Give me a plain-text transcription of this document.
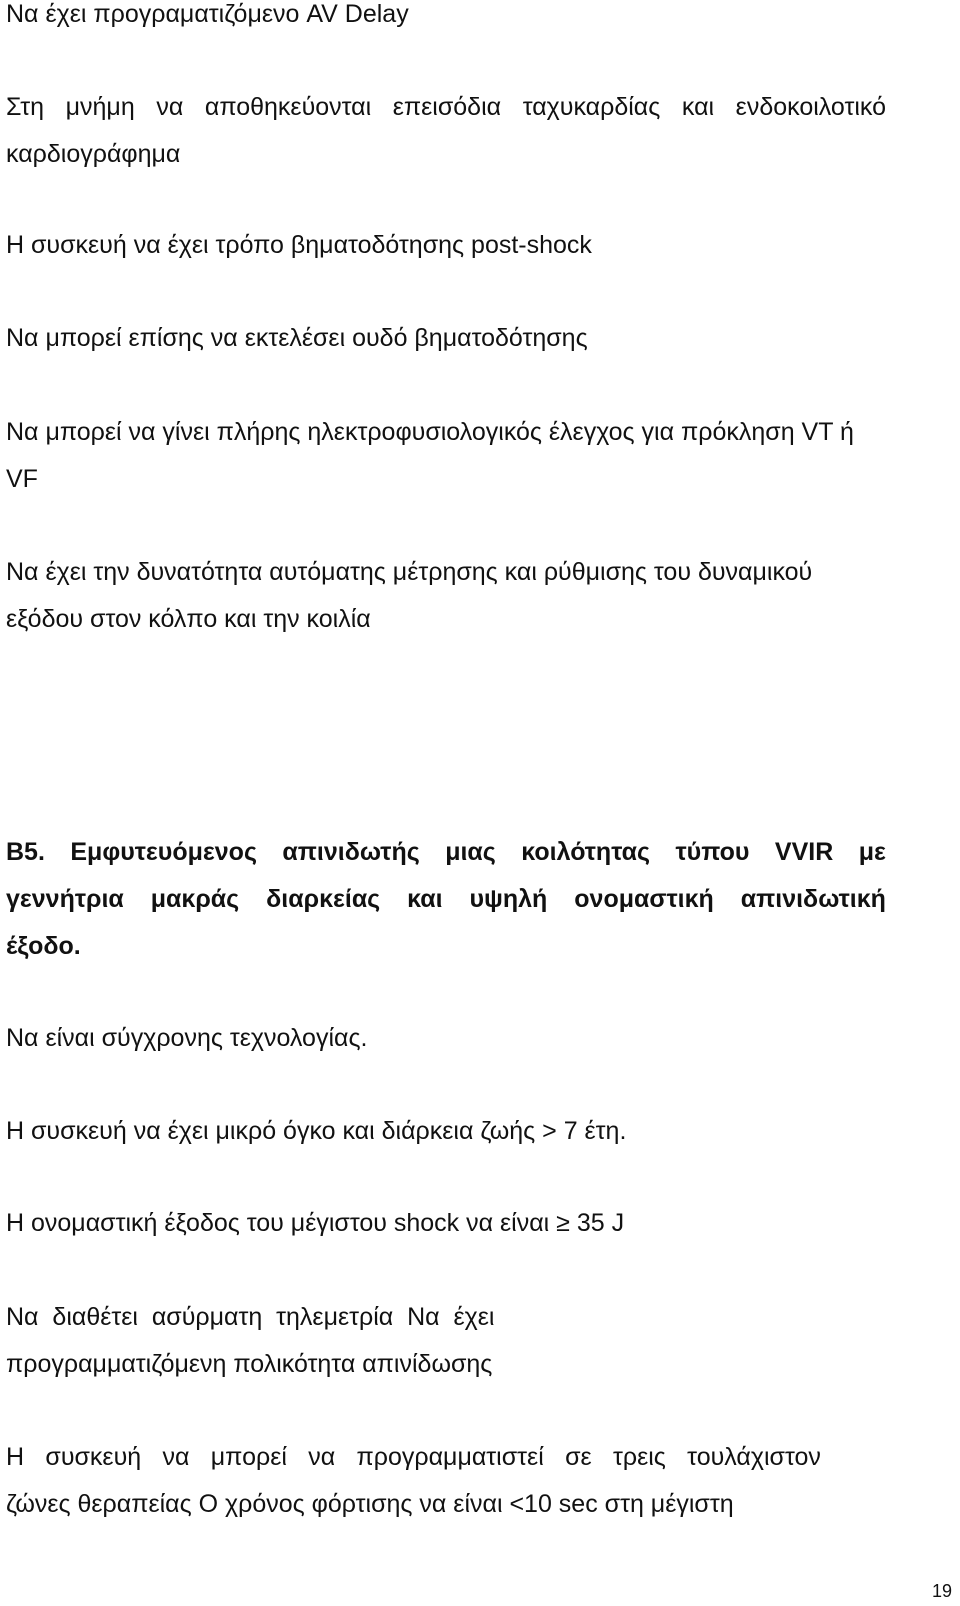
Να έχει προγραματιζόμενο AV Delay
Στη μνήμη να αποθηκεύονται επεισόδια ταχυκαρδίας και ενδοκοιλοτικό
καρδιογράφημα
Η συσκευή να έχει τρόπο βηματοδότησης post-shock
Να μπορεί επίσης να εκτελέσει ουδό βηματοδότησης
Να μπορεί να γίνει πλήρης ηλεκτροφυσιολογικός έλεγχος για πρόκληση VT ή
VF
Να έχει την δυνατότητα αυτόματης μέτρησης και ρύθμισης του δυναμικού
εξόδου στον κόλπο και την κοιλία
Β5. Εμφυτευόμενος απινιδωτής μιας κοιλότητας τύπου VVIR με
γεννήτρια μακράς διαρκείας και υψηλή ονομαστική απινιδωτική
έξοδο.
Να είναι σύγχρονης τεχνολογίας.
Η συσκευή να έχει μικρό όγκο και διάρκεια ζωής > 7 έτη.
Η ονομαστική έξοδος του μέγιστου shock να είναι ≥ 35 J
Να  διαθέτει  ασύρματη  τηλεμετρία  Να  έχει
προγραμματιζόμενη πολικότητα απινίδωσης
Η συσκευή να μπορεί να προγραμματιστεί σε τρεις τουλάχιστον
ζώνες θεραπείας Ο χρόνος φόρτισης να είναι <10 sec στη μέγιστη
19
